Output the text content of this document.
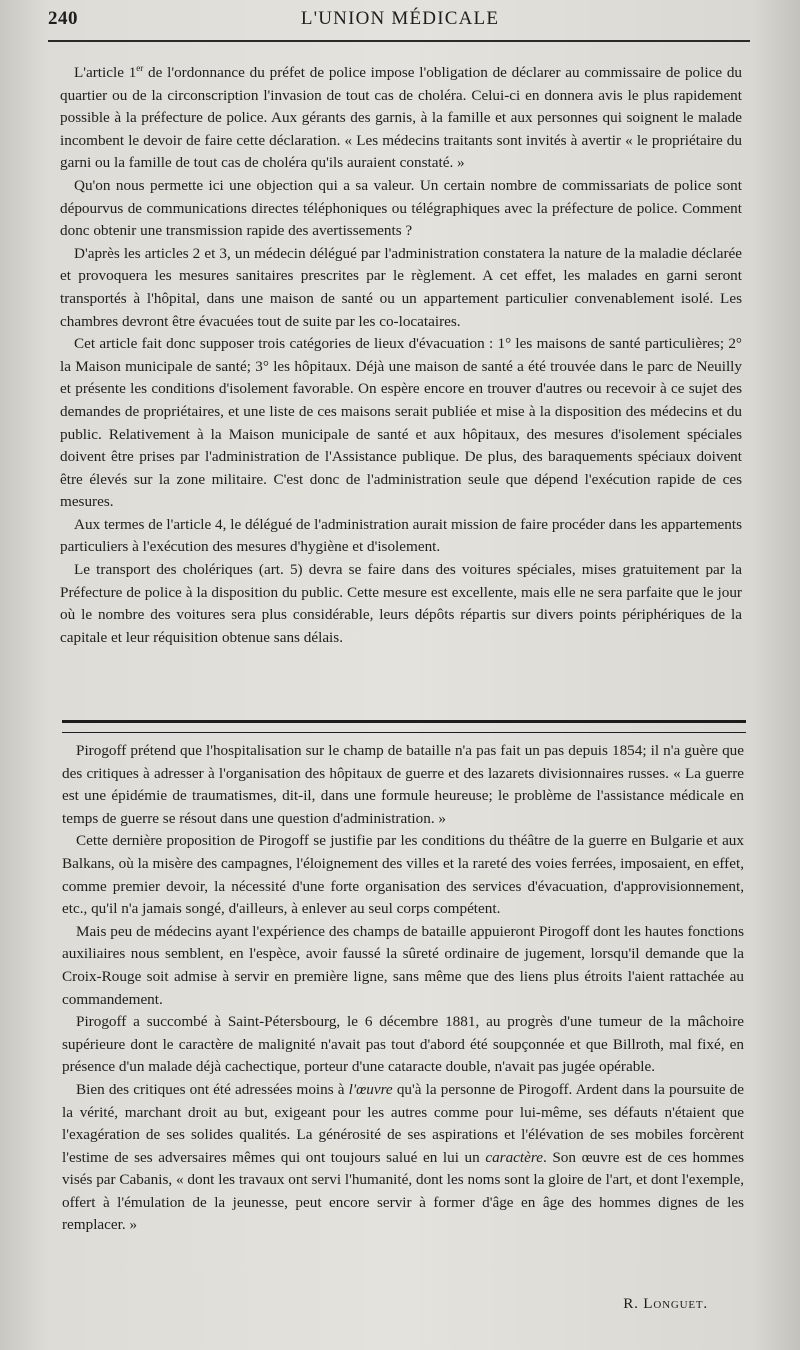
240	L'UNION MÉDICALE

L'article 1er de l'ordonnance du préfet de police impose l'obligation de déclarer au commissaire de police du quartier ou de la circonscription l'invasion de tout cas de choléra. Celui-ci en donnera avis le plus rapidement possible à la préfecture de police. Aux gérants des garnis, à la famille et aux personnes qui soignent le malade incombent le devoir de faire cette déclaration. « Les médecins traitants sont invités à avertir « le propriétaire du garni ou la famille de tout cas de choléra qu'ils auraient constaté. »

Qu'on nous permette ici une objection qui a sa valeur. Un certain nombre de commissariats de police sont dépourvus de communications directes téléphoniques ou télégraphiques avec la préfecture de police. Comment donc obtenir une transmission rapide des avertissements ?

D'après les articles 2 et 3, un médecin délégué par l'administration constatera la nature de la maladie déclarée et provoquera les mesures sanitaires prescrites par le règlement. A cet effet, les malades en garni seront transportés à l'hôpital, dans une maison de santé ou un appartement particulier convenablement isolé. Les chambres devront être évacuées tout de suite par les co-locataires.

Cet article fait donc supposer trois catégories de lieux d'évacuation : 1° les maisons de santé particulières; 2° la Maison municipale de santé; 3° les hôpitaux. Déjà une maison de santé a été trouvée dans le parc de Neuilly et présente les conditions d'isolement favorable. On espère encore en trouver d'autres ou recevoir à ce sujet des demandes de propriétaires, et une liste de ces maisons serait publiée et mise à la disposition des médecins et du public. Relativement à la Maison municipale de santé et aux hôpitaux, des mesures d'isolement spéciales doivent être prises par l'administration de l'Assistance publique. De plus, des baraquements spéciaux doivent être élevés sur la zone militaire. C'est donc de l'administration seule que dépend l'exécution rapide de ces mesures.

Aux termes de l'article 4, le délégué de l'administration aurait mission de faire procéder dans les appartements particuliers à l'exécution des mesures d'hygiène et d'isolement.

Le transport des cholériques (art. 5) devra se faire dans des voitures spéciales, mises gratuitement par la Préfecture de police à la disposition du public. Cette mesure est excellente, mais elle ne sera parfaite que le jour où le nombre des voitures sera plus considérable, leurs dépôts répartis sur divers points périphériques de la capitale et leur réquisition obtenue sans délais.

Pirogoff prétend que l'hospitalisation sur le champ de bataille n'a pas fait un pas depuis 1854; il n'a guère que des critiques à adresser à l'organisation des hôpitaux de guerre et des lazarets divisionnaires russes. « La guerre est une épidémie de traumatismes, dit-il, dans une formule heureuse; le problème de l'assistance médicale en temps de guerre se résout dans une question d'administration. »

Cette dernière proposition de Pirogoff se justifie par les conditions du théâtre de la guerre en Bulgarie et aux Balkans, où la misère des campagnes, l'éloignement des villes et la rareté des voies ferrées, imposaient, en effet, comme premier devoir, la nécessité d'une forte organisation des services d'évacuation, d'approvisionnement, etc., qu'il n'a jamais songé, d'ailleurs, à enlever au seul corps compétent.

Mais peu de médecins ayant l'expérience des champs de bataille appuieront Pirogoff dont les hautes fonctions auxiliaires nous semblent, en l'espèce, avoir faussé la sûreté ordinaire de jugement, lorsqu'il demande que la Croix-Rouge soit admise à servir en première ligne, sans même que des liens plus étroits l'aient rattachée au commandement.

Pirogoff a succombé à Saint-Pétersbourg, le 6 décembre 1881, au progrès d'une tumeur de la mâchoire supérieure dont le caractère de malignité n'avait pas tout d'abord été soupçonnée et que Billroth, mal fixé, en présence d'un malade déjà cachectique, porteur d'une cataracte double, n'avait pas jugée opérable.

Bien des critiques ont été adressées moins à l'œuvre qu'à la personne de Pirogoff. Ardent dans la poursuite de la vérité, marchant droit au but, exigeant pour les autres comme pour lui-même, ses défauts n'étaient que l'exagération de ses solides qualités. La générosité de ses aspirations et l'élévation de ses mobiles forcèrent l'estime de ses adversaires mêmes qui ont toujours salué en lui un caractère. Son œuvre est de ces hommes visés par Cabanis, « dont les travaux ont servi l'humanité, dont les noms sont la gloire de l'art, et dont l'exemple, offert à l'émulation de la jeunesse, peut encore servir à former d'âge en âge des hommes dignes de les remplacer. »

R. Longuet.
